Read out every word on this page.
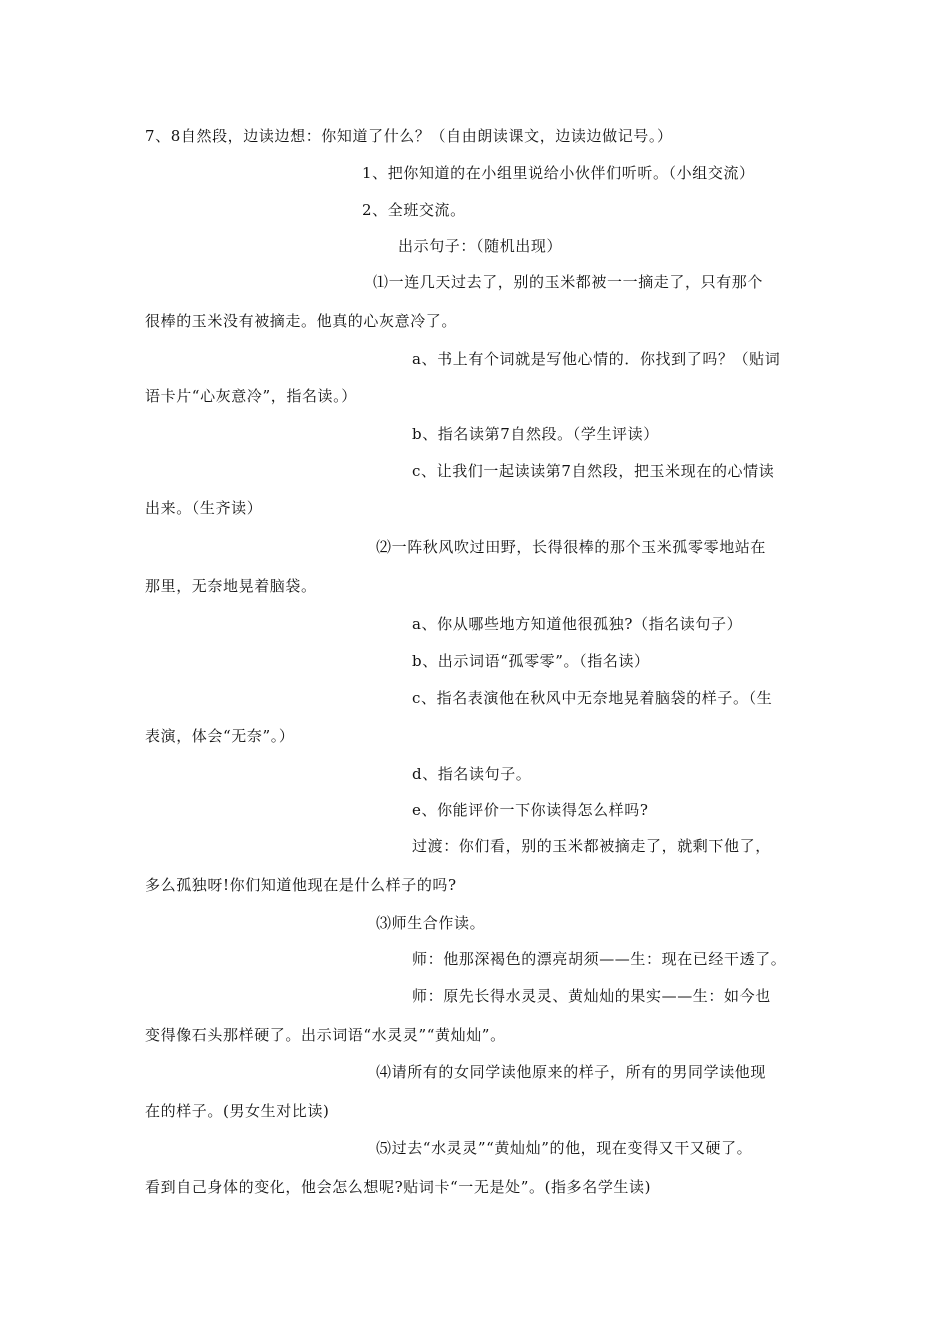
7、8自然段，边读边想：你知道了什么？（自由朗读课文，边读边做记号。）
1、把你知道的在小组里说给小伙伴们听听。（小组交流）
2、全班交流。
出示句子：（随机出现）
⑴一连几天过去了，别的玉米都被一一摘走了，只有那个
很棒的玉米没有被摘走。他真的心灰意冷了。
a、书上有个词就是写他心情的．你找到了吗？（贴词
语卡片“心灰意冷”，指名读。）
b、指名读第7自然段。（学生评读）
c、让我们一起读读第7自然段，把玉米现在的心情读
出来。（生齐读）
⑵一阵秋风吹过田野，长得很棒的那个玉米孤零零地站在
那里，无奈地晃着脑袋。
a、你从哪些地方知道他很孤独?（指名读句子）
b、出示词语“孤零零”。（指名读）
c、指名表演他在秋风中无奈地晃着脑袋的样子。（生
表演，体会“无奈”。）
d、指名读句子。
e、你能评价一下你读得怎么样吗?
过渡：你们看，别的玉米都被摘走了，就剩下他了，
多么孤独呀!你们知道他现在是什么样子的吗?
⑶师生合作读。
师：他那深褐色的漂亮胡须——生：现在已经干透了。
师：原先长得水灵灵、黄灿灿的果实——生：如今也
变得像石头那样硬了。出示词语“水灵灵”“黄灿灿”。
⑷请所有的女同学读他原来的样子，所有的男同学读他现
在的样子。(男女生对比读)
⑸过去“水灵灵”“黄灿灿”的他，现在变得又干又硬了。
看到自己身体的变化，他会怎么想呢?贴词卡“一无是处”。(指多名学生读)
